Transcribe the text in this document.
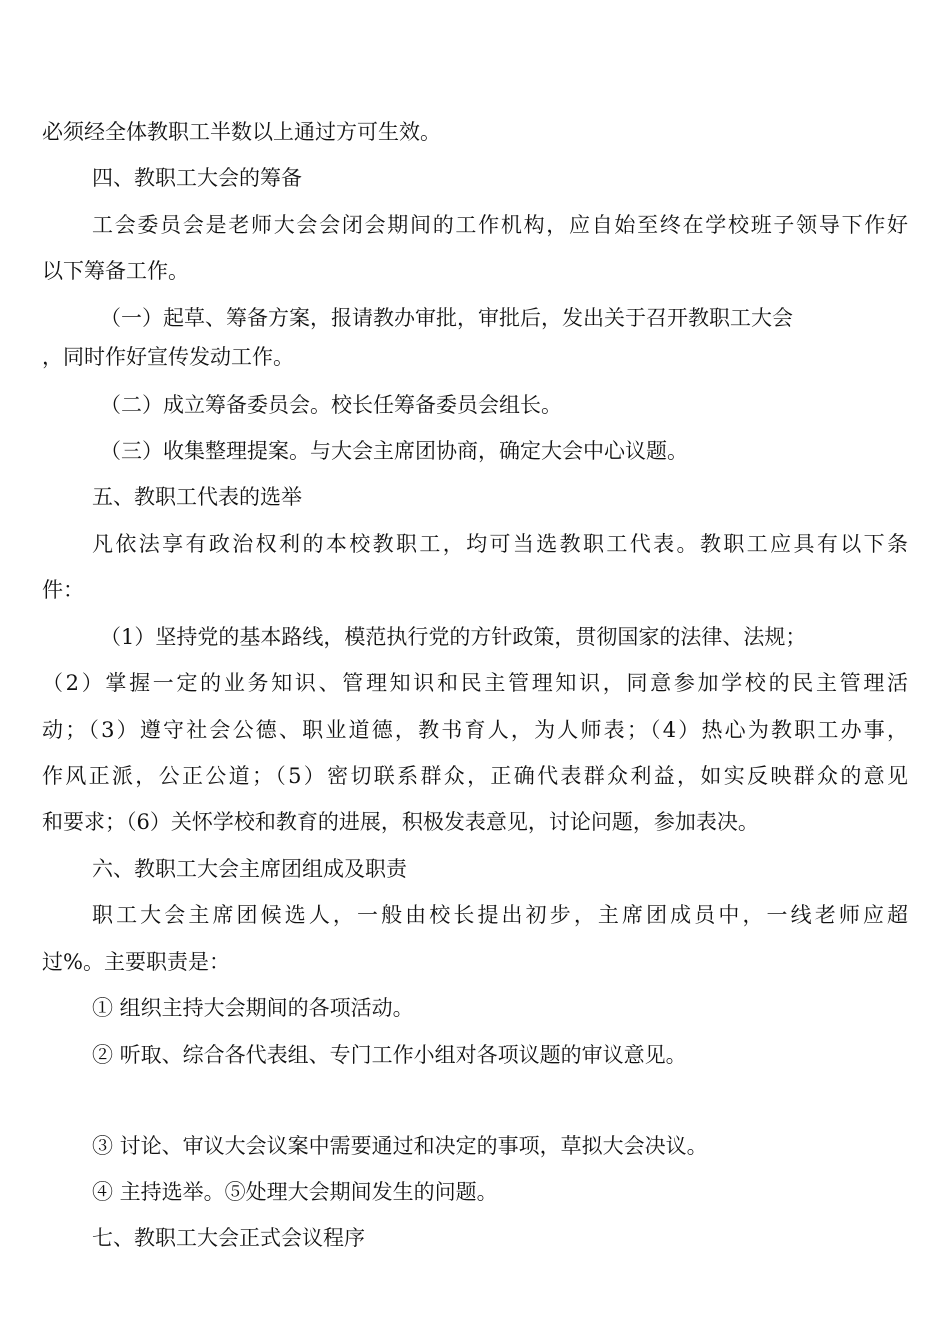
必须经全体教职工半数以上通过方可生效。
四、教职工大会的筹备
工会委员会是老师大会会闭会期间的工作机构，应自始至终在学校班子领导下作好
以下筹备工作。
（一）起草、筹备方案，报请教办审批，审批后，发出关于召开教职工大会
，同时作好宣传发动工作。
（二）成立筹备委员会。校长任筹备委员会组长。
（三）收集整理提案。与大会主席团协商，确定大会中心议题。
五、教职工代表的选举
凡依法享有政治权利的本校教职工，均可当选教职工代表。教职工应具有以下条
件：
（1）坚持党的基本路线，模范执行党的方针政策，贯彻国家的法律、法规；
（2）掌握一定的业务知识、管理知识和民主管理知识，同意参加学校的民主管理活
动；（3）遵守社会公德、职业道德，教书育人，为人师表；（4）热心为教职工办事，
作风正派，公正公道；（5）密切联系群众，正确代表群众利益，如实反映群众的意见
和要求；（6）关怀学校和教育的进展，积极发表意见，讨论问题，参加表决。
六、教职工大会主席团组成及职责
职工大会主席团候选人，一般由校长提出初步，主席团成员中，一线老师应超
过%。主要职责是：
① 组织主持大会期间的各项活动。
② 听取、综合各代表组、专门工作小组对各项议题的审议意见。
③ 讨论、审议大会议案中需要通过和决定的事项，草拟大会决议。
④ 主持选举。⑤处理大会期间发生的问题。
七、教职工大会正式会议程序
